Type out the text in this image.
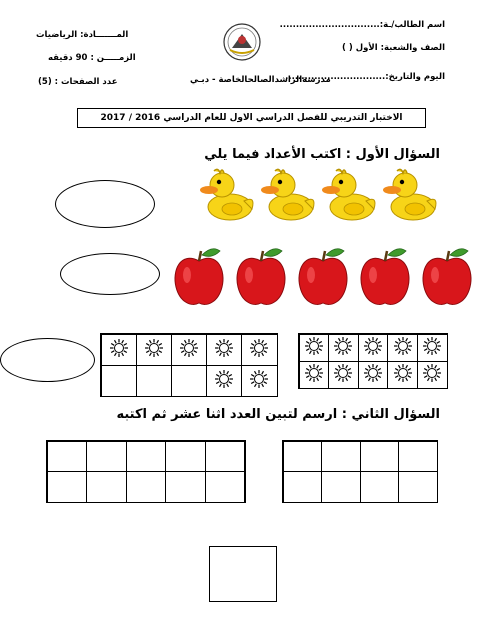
اسم الطالب/ـة:...............................
الصف والشعبة: الأول ( )
اليوم والتاريخ:...............................
المـــــــادة: الرياضيات
الزمـــــن : 90 دقيقه
عدد الصفحات : (5)	مدرسةالراشدالصالحالخاصة - دبـي
الاختبار التدريبي للفصل الدراسي الاول للعام الدراسي 2016 / 2017
السؤال الأول : اكتب الأعداد فيما يلي
السؤال الثاني : ارسم لتبين العدد اثنا عشر ثم اكتبه
